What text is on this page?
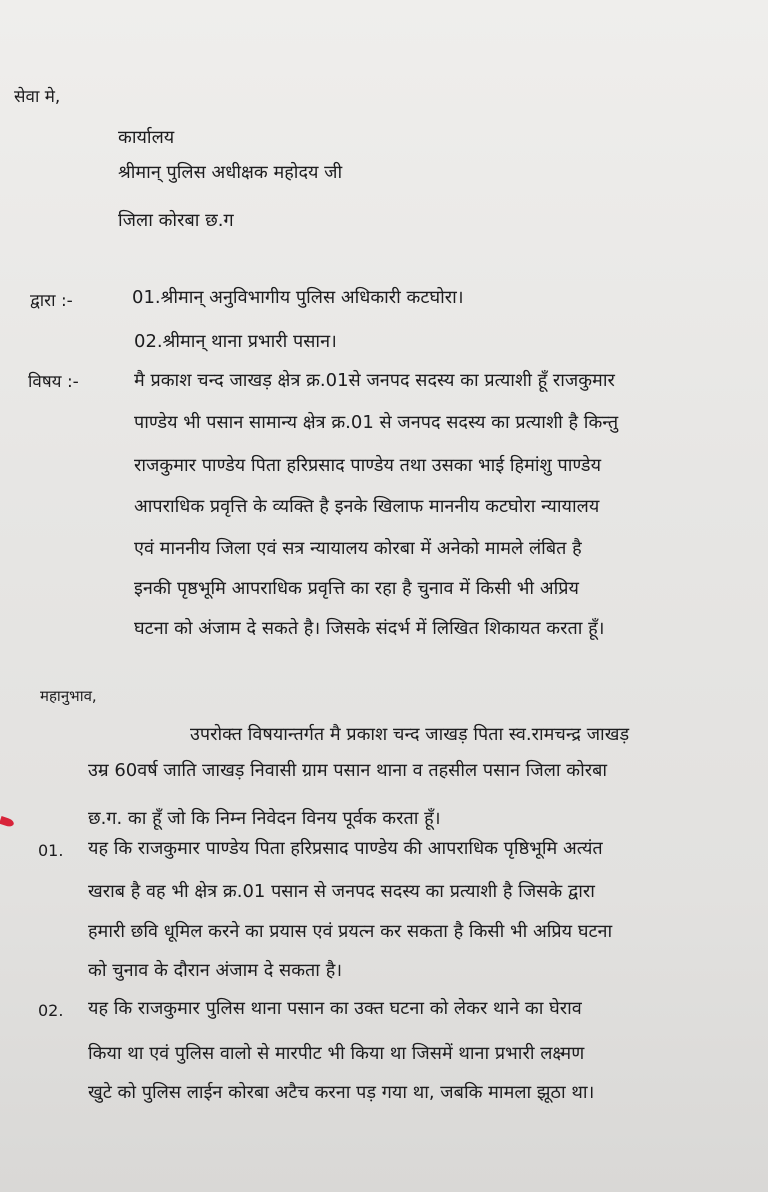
सेवा मे,
कार्यालय
श्रीमान् पुलिस अधीक्षक महोदय जी
जिला कोरबा छ.ग
द्वारा :-	01.श्रीमान् अनुविभागीय पुलिस अधिकारी कटघोरा।
02.श्रीमान् थाना प्रभारी पसान।
विषय :-	मै प्रकाश चन्द जाखड़ क्षेत्र क्र.01से जनपद सदस्य का प्रत्याशी हूँ राजकुमार
पाण्डेय भी पसान सामान्य क्षेत्र क्र.01 से जनपद सदस्य का प्रत्याशी है किन्तु
राजकुमार पाण्डेय पिता हरिप्रसाद पाण्डेय तथा उसका भाई हिमांशु पाण्डेय
आपराधिक प्रवृत्ति के व्यक्ति है इनके खिलाफ माननीय कटघोरा न्यायालय
एवं माननीय जिला एवं सत्र न्यायालय कोरबा में अनेको मामले लंबित है
इनकी पृष्ठभूमि आपराधिक प्रवृत्ति का रहा है चुनाव में किसी भी अप्रिय
घटना को अंजाम दे सकते है। जिसके संदर्भ में लिखित शिकायत करता हूँ।
महानुभाव,
उपरोक्त विषयान्तर्गत मै प्रकाश चन्द जाखड़ पिता स्व.रामचन्द्र जाखड़
उम्र 60वर्ष जाति जाखड़ निवासी ग्राम पसान थाना व तहसील पसान जिला कोरबा
छ.ग. का हूँ जो कि निम्न निवेदन विनय पूर्वक करता हूँ।
01. यह कि राजकुमार पाण्डेय पिता हरिप्रसाद पाण्डेय की आपराधिक पृष्ठिभूमि अत्यंत
खराब है वह भी क्षेत्र क्र.01 पसान से जनपद सदस्य का प्रत्याशी है जिसके द्वारा
हमारी छवि धूमिल करने का प्रयास एवं प्रयत्न कर सकता है किसी भी अप्रिय घटना
को चुनाव के दौरान अंजाम दे सकता है।
02. यह कि राजकुमार पुलिस थाना पसान का उक्त घटना को लेकर थाने का घेराव
किया था एवं पुलिस वालो से मारपीट भी किया था जिसमें थाना प्रभारी लक्ष्मण
खुटे को पुलिस लाईन कोरबा अटैच करना पड़ गया था, जबकि मामला झूठा था।
